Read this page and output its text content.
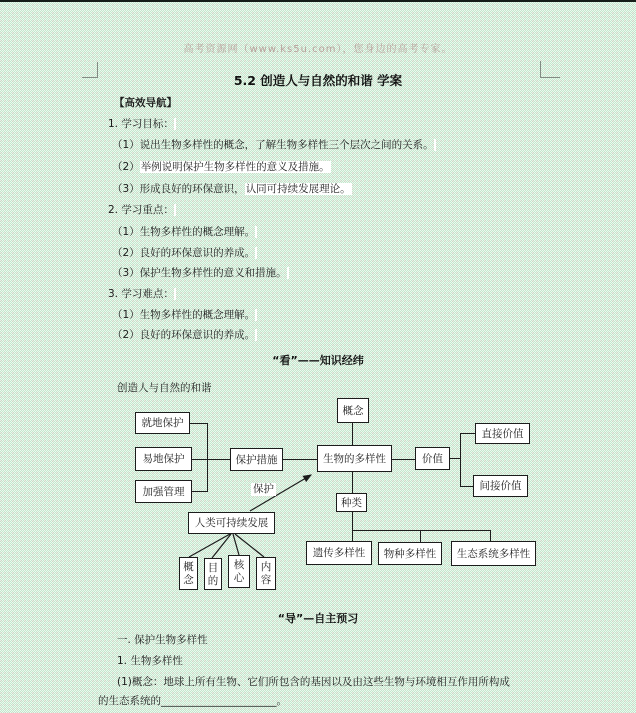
高考资源网（www.ks5u.com），您身边的高考专家。
5.2 创造人与自然的和谐 学案
【高效导航】
1. 学习目标：
（1）说出生物多样性的概念，了解生物多样性三个层次之间的关系。
（2）举例说明保护生物多样性的意义及措施。
（3）形成良好的环保意识，认同可持续发展理论。
2. 学习重点：
（1）生物多样性的概念理解。
（2）良好的环保意识的养成。
（3）保护生物多样性的意义和措施。
3. 学习难点：
（1）生物多样性的概念理解。
（2）良好的环保意识的养成。
“看”——知识经纬
创造人与自然的和谐
就地保护
易地保护
加强管理
保护措施	生物的多样性
概念
价值
直接价值
间接价值
种类
遗传多样性	物种多样性	生态系统多样性
人类可持续发展
概念
目的
核心
内容
保护
“导”—自主预习
一. 保护生物多样性
1. 生物多样性
(1)概念：地球上所有生物、它们所包含的基因以及由这些生物与环境相互作用所构成
的生态系统的______________________。
